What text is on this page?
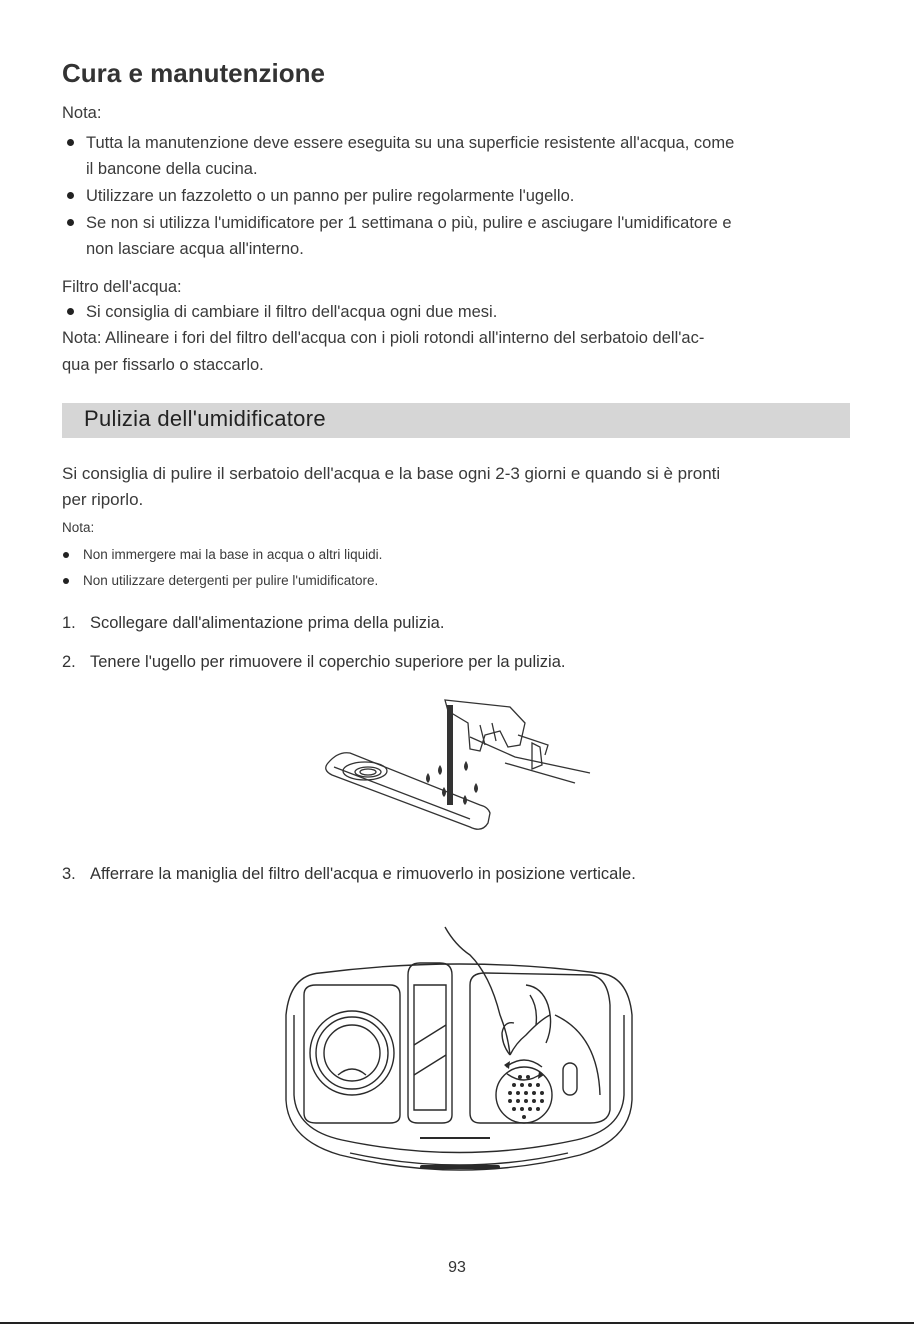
Cura e manutenzione
Nota:
Tutta la manutenzione deve essere eseguita su una superficie resistente all'acqua, come
il bancone della cucina.
Utilizzare un fazzoletto o un panno per pulire regolarmente l'ugello.
Se non si utilizza l'umidificatore per 1 settimana o più, pulire e asciugare l'umidificatore e
non lasciare acqua all'interno.
Filtro dell'acqua:
Si consiglia di cambiare il filtro dell'acqua ogni due mesi.
Nota: Allineare i fori del filtro dell'acqua con i pioli rotondi all'interno del serbatoio dell'ac-
qua per fissarlo o staccarlo.
Pulizia dell'umidificatore
Si consiglia di pulire il serbatoio dell'acqua e la base ogni 2-3 giorni e quando si è pronti
per riporlo.
Nota:
Non immergere mai la base in acqua o altri liquidi.
Non utilizzare detergenti per pulire l'umidificatore.
1. Scollegare dall'alimentazione prima della pulizia.
2. Tenere l'ugello per rimuovere il coperchio superiore per la pulizia.
3. Afferrare la maniglia del filtro dell'acqua e rimuoverlo in posizione verticale.
93
